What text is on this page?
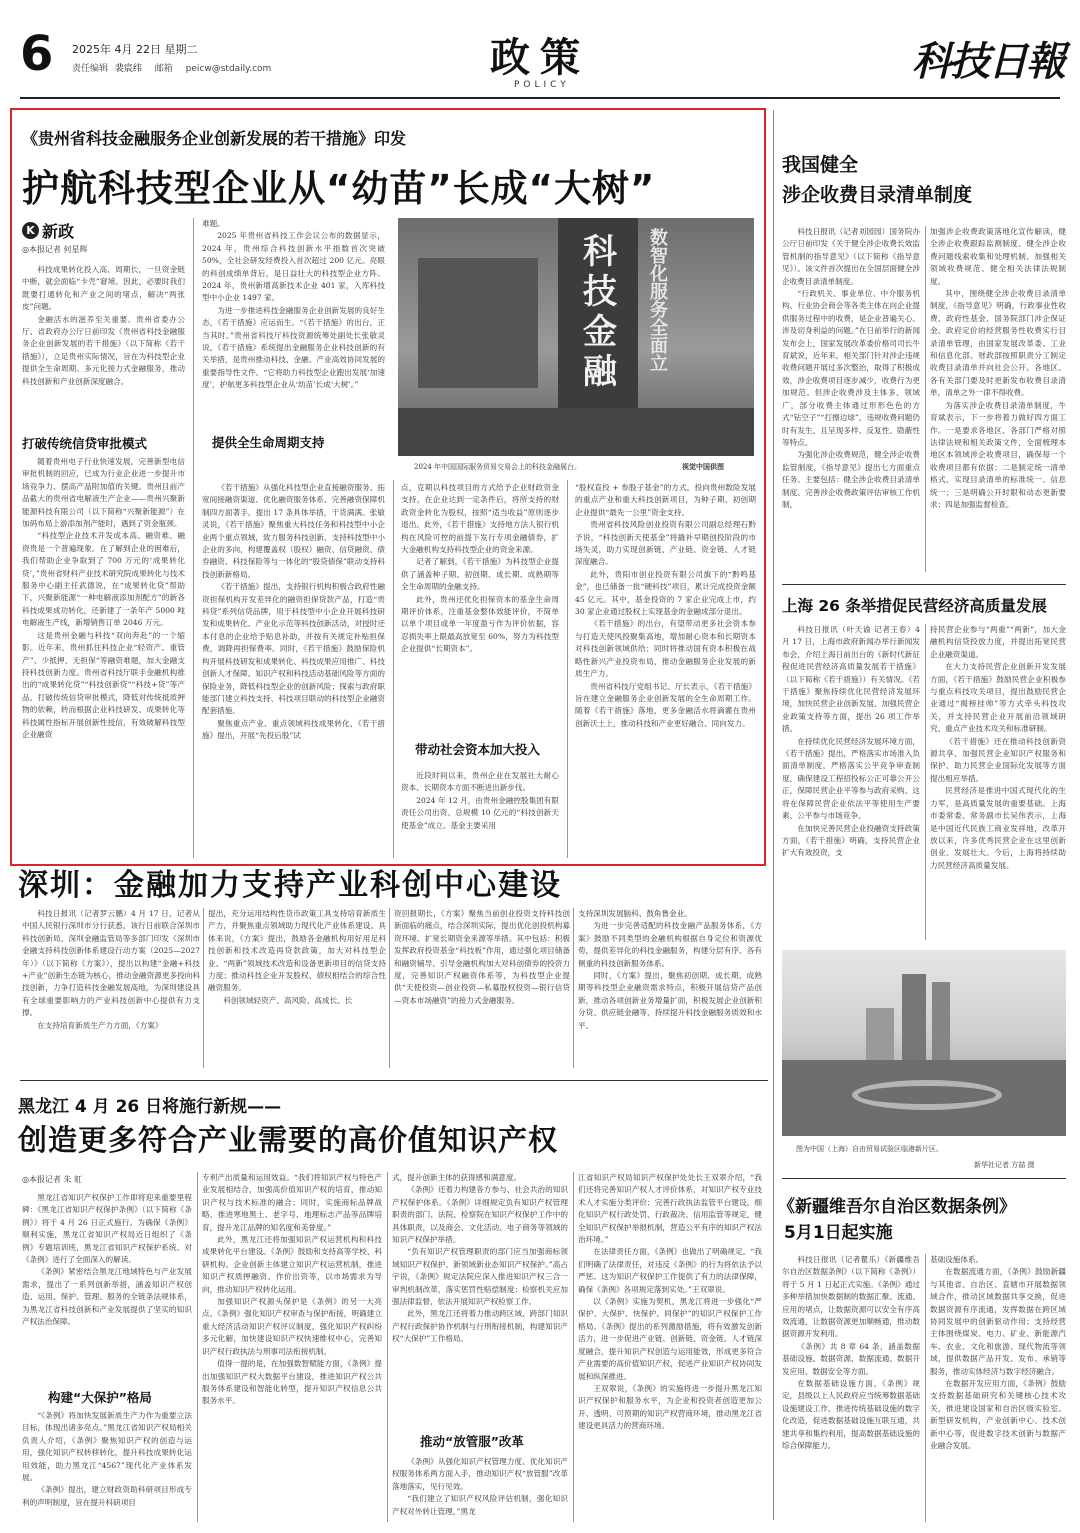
6 2025年 4月 22日 星期二
责任编辑 裴宸纬 邮箱 peicw@stdaily.com	政策
POLICY	科技日報
《贵州省科技金融服务企业创新发展的若干措施》印发
护航科技型企业从“幼苗”长成“大树”
K 新政
◎本报记者 何星辉

科技成果转化投入高、周期长，一旦资金链中断，就会面临“卡壳”窘境。因此，必要时我们既要打通转化和产业之间的堵点，解决“两张皮”问题。

金融活水的滋养至关重要。贵州省委办公厅、省政府办公厅日前印发《贵州省科技金融服务企业创新发展的若干措施》（以下简称《若干措施》），立足贵州实际情况，旨在为科技型企业提供全生命周期、多元化接力式金融服务，推动科技创新和产业创新深度融合。

打破传统信贷审批模式

随着贵州电子行业快速发展，完善新型电信审批机制的回应，已成为行业企业进一步提升市场竞争力、摆高产品附加值的关键。贵州目前产品截大的贵州省电解液生产企业——贵州兴聚新能源科技有限公司（以下简称“兴聚新能源”）在加码布局上游添加剂产能时，遇到了资金瓶颈。

“科技型企业技术开发成本高、融资难、融资贵是一个普遍现象。在了解到企业的困难后，我们帮助企业争取到了 700 万元的‘成果转化贷’，”贵州省财科产业技术研究院成果转化与技术服务中心副主任武德说，在“成果转化贷”帮助下，兴聚新能源“一种电解液添加剂配方”的新各科技成果成功转化，还新建了一条年产 5000 吨电解液生产线，新增销售订单 2046 万元。

这是贵州金融与科技“双向奔赴”的一个缩影。近年来，贵州抓住科技企业“轻资产、重管产”、少抵押、无担保“等融资难题，加大金融支持科技创新力度。贵州省科技厅联手金融机构推出的“成果转化贷”“科技创新贷”“科技+贷”等产品，打破传统信贷审批模式，降低对传统抵质押物的依赖，转而根据企业科技研发、成果转化等科技属性指标开展创新性授信，有效破解科技型企业融资

难题。

2025 年贵州省科技工作会议公布的数据显示，2024 年，贵州综合科技创新水平指数首次突破 50%，全社会研发经费投入首次超过 200 亿元。亮眼的科创成绩单背后，是日益壮大的科技型企业方阵。2024 年，贵州新增高新技术企业 401 家，入库科技型中小企业 1497 家。

为进一步推进科技金融服务企业创新发展的良好生态，《若干措施》应运而生。“《若干措施》的出台，正当其时。”贵州省科技厅科技资源统筹处副处长张敏灵说，《若干措施》系统提出金融服务企业科技创新的有关举措，是贵州推动科技、金融、产业高效协同发展的重要指导性文件。“它将助力科技型企业跑出发展‘加速度’，护航更多科技型企业从‘幼苗’长成‘大树’。”

科
技
金
融	数智化服务全面立
2024 年中国国际服务贸易交易会上的科技金融展台。	视觉中国供图
提供全生命周期支持

《若干措施》从强化科技型企业直接融资服务、拓宽间接融资渠道、优化融资服务体系、完善融资保障机制四方面著手，提出 17 条具体举措，干货满满。张敏灵说，《若干措施》聚焦重大科技任务和科技型中小企业两个重点领域，致力服务科技创新、支持科技型中小企业的多向，构建覆盖权（股权）融资、信贷融资、债券融资、科技保险等与一体化的“股贷债保”联动支持科技创新新格局。

《若干措施》提出，支持银行机构积极合政府性融资担保机构开发差异化的融资担保贷款产品，打造“贵科贷”系列信贷品牌，用于科技型中小企业开展科技研发和成果转化、产业化示范等科技创新活动，对授时还本付息的企业给予贴息补助，并按有关规定补贴担保费，调降再担保费率。同时，《若干措施》鼓励保险机构开展科技研发和成果转化、科技成果应用推广、科技创新人才保障、知识产权和科技活动基础风险等方面的保险业务，降低科技型企业的创新风险；探索与政府职能部门建立科技支持、科技项目联动的科技型企业融资配套措施。

聚焦重点产业、重点领域科技成果转化，《若干措施》提出，开展“先投后股”试

点，克期以科技项目的方式给予企业财政资金支持，在企业达到一定条件后，将所支持的财政资金转化为股权，按照“适当收益”原则逐步退出。此外，《若干措施》支持地方法人银行机构在风险可控的前提下发行专项金融债券，扩大金融机构支持科技型企业的资金来源。

记者了解到，《若干措施》为科技型企业提供了涵盖种子期、初创期、成长期、成熟期等全生命周期的金融支持。

此外，贵州还优化担保资本的基金生命周期评价体系，注重基金整体效能评价，不简单以单个项目或单一年度盈亏作为评价依据，容忍损失率上限最高放宽至 60%，努力为科技型企业提供“长期资本”。

带动社会资本加大投入

近段时间以来，贵州企业在发展社大耐心资本、长期资本方面不断进出新步伐。

2024 年 12 月，由贵州金融控股集团有限责任公司出资、总规模 10 亿元的“科技创新天使基金”成立。基金主要采用

“股权直投 + 参股子基金”的方式，投向贵州数险发展的重点产业和重大科技创新项目，为种子期、初创期企业提供“最先一公里”资金支持。

贵州省科技风险创业投资有限公司副总经理石黔予说，“科技创新天使基金”将撬补早期创投阶段的市场失灵，助力实现创新链、产业链、资金链、人才链深度融合。

此外，贵阳市创业投资有限公司旗下的“黔鸣基金”，也已储备一批“硬科技”项目，累计完成投资金额 45 亿元。其中，基金投资的 7 家企业完成上市，约 30 家企业通过股权上实现基金的金融成部分退出。

《若干措施》的出台，有望带动更多社会资本参与打造天使风投聚集高地，增加耐心资本和长期资本对科技创新领域供给；同时将推动国有资本积极在战略性新兴产业投资布局，推动金融服务企业发展的新质生产力。

贵州省科技厅党组书记、厅长表示，《若干措施》旨在建立金融服务企业创新发展的全生命周期工作。随着《若干措施》落地，更多金融活水将滴灌在贵州创新沃土上，推动科技和产业更好融合、同向发力。

深圳：金融加力支持产业科创中心建设

科技日报讯（记者罗云鹏）4 月 17 日，记者从中国人民银行深圳市分行获悉，该行日前联合深圳市科技创新局、深圳金融监管局等多部门印发《深圳市金融支持科技创新体系建设行动方案（2025—2027 年）》（以下简称《方案》），提出以构建“金融+科技+产业”创新生态链为核心，推动金融资源更多投向科技创新，力争打造科技金融发展高地，为深圳建设具有全球重要影响力的产业科技创新中心提供有力支撑。

在支持培育新质生产力方面，《方案》

提出，充分运用结构性货币政策工具支持培育新质生产力，并聚焦重点领域助力现代化产业体系建设。具体来说，《方案》提出，鼓励各金融机构用好用足科技创新和技术改造再贷款政策，加大对科技型企业、“两新”领域技术改造和设备更新项目的信贷支持力度；推动科技企业开发股权、债权相结合的综合性融资服务。

科创领域轻资产、高风险、高成长、长

资回报期长，《方案》聚焦当前创业投资支持科技创新面临的痛点，结合深圳实际，提出优化创投机构募资环境、扩宽长期资金来源等举措。其中包括：积极发挥政府投资基金“科技板”作用，通过强化项目储备和融资辅导、引导金融机构加大对科创债券的投资力度，完善知识产权融资体系等，为科技型企业提供“天使投资—创业投资—私募股权投资—银行信贷—资本市场融资”的接力式金融服务。

支持深圳发展脑科、鼓角鲁金业。

为进一步完善适配的科技金融产品服务体系，《方案》鼓励不同类型的金融机构根据自身定位和资源优势，提供差异化的科技金融服务，构建分层有序、各有侧重的科技创新服务体系。

同时，《方案》提出，聚焦初创期、成长期、成熟期等科技型企业融资需求特点，积极开展信贷产品创新，推动各项创新业务增量扩面，积极发展企业创新积分贷、供应链金融等，持续提升科技金融服务质效和水平。

黑龙江 4 月 26 日将施行新规——
创造更多符合产业需要的高价值知识产权
◎本报记者 朱 虹

黑龙江省知识产权保护工作即将迎来重要里程碑：《黑龙江省知识产权保护条例》（以下简称《条例》）将于 4 月 26 日正式施行。为确保《条例》顺利实施，黑龙江省知识产权局近日组织了《条例》专题培训班，黑龙江省知识产权保护系统、对《条例》进行了全面深入的解读。

《条例》紧密结合黑龙江地域特色与产业发展需求，提出了一系列创新举措，涵盖知识产权创造、运用、保护、管理、服务的全链条法规体系，为黑龙江省科技创新和产业发展提供了坚实的知识产权法治保障。

构建“大保护”格局

“《条例》将加快发展新质生产力作为重要立法目标，体现出诸多亮点。”黑龙江省知识产权局相关负责人介绍，《条例》聚焦知识产权的创造与运用，强化知识产权转移转化，提升科技成果转化运用效能，助力黑龙江“4567”现代化产业体系发展。

《条例》提出，建立财政资助科研项目形成专利的声明制度，旨在提升科研项目

专利产出质量和运用效益。“我们将知识产权与特色产业发展相结合，加强高价值知识产权的培育，推动知识产权与技术标准的融合；同时，实施商标品牌战略，推进寒地黑土、老字号、地理标志产品等品牌培育，提升龙江品牌的知名度和美誉度。”

此外，黑龙江还将加强知识产权运营机构和科技成果转化平台建设。《条例》鼓励和支持高等学校、科研机构、企业创新主体建立知识产权运营机制，推进知识产权质押融资、作价出资等，以市场需求为导向，推动知识产权转化运用。

加强知识产权源头保护是《条例》的另一大亮点。《条例》强化知识产权审查与保护衔接，明确建立重大经济活动知识产权评议制度，强化知识产权纠纷多元化解，加快建设知识产权快速维权中心，完善知识产权行政执法与刑事司法衔接机制。

值得一提的是，在加强数智赋能方面，《条例》提出加强知识产权大数据平台建设，推进知识产权公共服务体系建设和智能化转型，提升知识产权信息公共服务水平。

式，提升创新主体的获得感和满意度。

《条例》还着力构建各方参与、社会共治的知识产权保护体系。《条例》详细规定负有知识产权管理职责的部门、法院、检察院在知识产权保护工作中的具体职责，以及商会、文化活动、电子商务等领域的知识产权保护举措。

“负有知识产权管理职责的部门应当加强商标领域知识产权保护、新领域新业态知识产权保护。”高占宇说，《条例》规定法院应深入推进知识产权三合一审判机制改革，落实惩罚性赔偿制度；检察机关应加强法律监督，依法开展知识产权检察工作。

此外，黑龙江还将着力推动跨区域、跨部门知识产权行政保护协作机制与行刑衔接机制，构建知识产权“大保护”工作格局。

推动“放管服”改革

《条例》从强化知识产权管理力度、优化知识产权服务体系两方面入手，推动知识产权“放管服”改革落地落实，见行见效。

“我们建立了知识产权风险评估机制，强化知识产权对外转让管理，”黑龙

江省知识产权局知识产权保护处处长王双翠介绍，“我们还将完善知识产权人才评价体系，对知识产权专业技术人才实施分类评价；完善行政执法监管平台建设，细化知识产权行政处罚、行政裁决、信用监管等规定，健全知识产权保护举报机制，营造公平有序的知识产权法治环境。”

在法律责任方面，《条例》也做出了明确规定。“我们明确了法律责任，对违反《条例》的行为将依法予以严惩。这为知识产权保护工作提供了有力的法律保障，确保《条例》各项规定落到实处。”王双翠说。

以《条例》实施为契机，黑龙江将进一步强化“严保护、大保护、快保护、同保护”的知识产权保护工作格局。《条例》提出的系列激励措施，将有效激发创新活力，进一步促进产业链、创新链、资金链、人才链深度融合，提升知识产权创造与运用能效，形成更多符合产业需要的高价值知识产权，促进产业知识产权协同发展和纵深推进。

王双翠说，《条例》的实施将进一步提升黑龙江知识产权保护和服务水平，为企业和投资者创造更加公开、透明、可预期的知识产权营商环境，推动黑龙江省建设更具活力的营商环境。

我国健全
涉企收费目录清单制度

科技日报讯（记者刘园园）国务院办公厅日前印发《关于健全涉企收费长效监管机制的指导意见》（以下简称《指导意见》）。该文件首次提出在全国层面健全涉企收费目录清单制度。

“行政机关、事业单位、中介服务机构、行业协会商会等各类主体在向企业提供服务过程中的收费，是企业普遍关心、涉及切身利益的问题。”在日前举行的新闻发布会上，国家发展改革委价格司司长牛育斌说，近年来，相关部门针对涉企违规收费问题开展过多次整治，取得了积极成效，涉企收费项目逐步减少，收费行为更加规范。但涉企收费涉及主体多、领域广，部分收费主体通过形形色色的方式“钻空子”“打擦边球”，违规收费问题仍时有发生，且呈现多样、反复性、隐蔽性等特点。

为强化涉企收费规范，健全涉企收费监管制度，《指导意见》提出七方面重点任务。主要包括：健全涉企收费目录清单制度、完善涉企收费政策评估审核工作机制，

加强涉企收费政策落地化宣传解读，健全涉企收费跟踪监测制度、健全涉企收费问题线索收集和处理机制、加强相关领域收费规范、健全相关法律法规制度。

其中，围绕健全涉企收费目录清单制度，《指导意见》明确，行政事业性收费、政府性基金、国务院部门涉企保证金、政府定价的经营服务性收费实行目录清单管理，由国家发展改革委、工业和信息化部、财政部按照职责分工制定收费目录清单并向社会公开。各地区、各有关部门要及时更新发布收费目录清单，清单之外一律不得收费。

为落实涉企收费目录清单制度，牛育斌表示，下一步将着力做好四方面工作。一是要求各地区、各部门严格对照法律法规和相关政策文件，全面梳理本地区本领域涉企收费项目，确保每一个收费项目都有依据；二是制定统一清单格式，实现目录清单的标准统一、信息统一；三是明确公开时限和动态更新要求；四是加强监督检查。

上海 26 条举措促民营经济高质量发展

科技日报讯（叶天谕 记者王春）4 月 17 日，上海市政府新闻办举行新闻发布会，介绍上海日前出台的《新时代新征程促进民营经济高质量发展若干措施》（以下简称《若干措施》）有关情况。《若干措施》聚焦持续优化民营经济发展环境，加快民营企业创新发展、加强民营企业政策支持等方面，提出 26 项工作举措。

在持续优化民营经济发展环境方面，《若干措施》提出，严格落实市场准入负面清单制度，严格落实公平竞争审查制度，确保建设工程招投标公正可靠公开公正，保障民营企业平等参与政府采购。这将在保障民营企业依法平等使用生产要素、公平参与市场竞争。

在加快完善民营企业投融资支持政策方面，《若干措施》明确，支持民营企业扩大有效投资，支

持民营企业参与“两重”“两新”，加大金融机构信贷投放力度，并提出拓宽民营企业融资渠道。

在大力支持民营企业创新开发发展方面，《若干措施》鼓励民营企业积极参与重点科技攻关项目，提出鼓励民营企业通过“揭榜挂帅”等方式牵头科技攻关，并支持民营企业开展前沿领域研究、重点产业技术攻关和标准研制。

《若干措施》还在推动科技创新资源共享、加强民营企业知识产权服务和保护、助力民营企业国际化发展等方面提出相应举措。

民营经济是推进中国式现代化的生力军，是高质量发展的重要基础。上海市委常委、常务副市长吴伟表示，上海是中国近代民族工商业发祥地，改革开放以来，许多优秀民营企业在这里创新创业、发展壮大。今后，上海将持续助力民营经济高质量发展。

图为中国（上海）自由贸易试验区临港新片区。
新华社记者 方喆 摄
《新疆维吾尔自治区数据条例》
5月1日起实施

科技日报讯（记者瞿乐）《新疆维吾尔自治区数据条例》（以下简称《条例》）将于 5 月 1 日起正式实施。《条例》通过多种举措加快数据制的数据汇聚、流通、应用的堵点，让数据资源可以安全有序高效流通，让数据资源更加顺畅通，推动数据资源开发利用。

《条例》共 8 章 64 条，涵盖数据基础设施、数据资源、数据流通、数据开发应用、数据安全等方面。

在数据基础设施方面，《条例》规定，县级以上人民政府应当统筹数据基础设施建设工作，推进传统基础设施的数字化改造，促进数据基础设施互联互通，共建共享和集约利用，提高数据基础设施的综合保障能力。

基础设施体系。

在数据流通方面，《条例》鼓励新疆与其他省、自治区、直辖市开展数据领域合作，推动区域数据共享交换，促进数据资源有序流通，发挥数据在跨区域协同发展中的创新驱动作用；支持经营主体围绕煤炭、电力、矿业、新能源汽车、农业、文化和旅游、现代物流等领域，提供数据产品开发、发布、承销等服务，推动实体经济与数字经济融合。

在数据开发应用方面，《条例》鼓励支持数据基础研究和关键核心技术攻关，推进建设国家和自治区级实验室、新型研发机构，产业创新中心、技术创新中心等，促进数字技术创新与数据产业融合发展。
